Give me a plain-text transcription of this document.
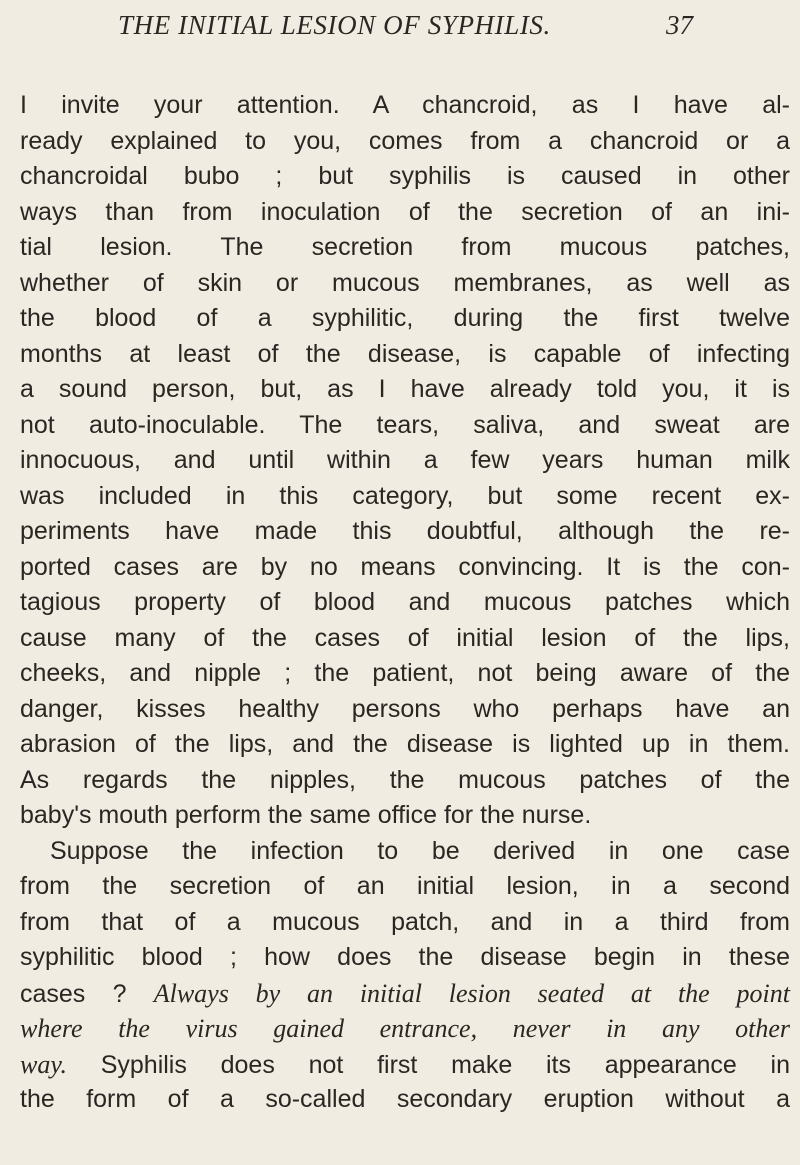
THE INITIAL LESION OF SYPHILIS.	37
I invite your attention. A chancroid, as I have al-
ready explained to you, comes from a chancroid or a
chancroidal bubo ; but syphilis is caused in other
ways than from inoculation of the secretion of an ini-
tial lesion. The secretion from mucous patches,
whether of skin or mucous membranes, as well as
the blood of a syphilitic, during the first twelve
months at least of the disease, is capable of infecting
a sound person, but, as I have already told you, it is
not auto-inoculable. The tears, saliva, and sweat are
innocuous, and until within a few years human milk
was included in this category, but some recent ex-
periments have made this doubtful, although the re-
ported cases are by no means convincing. It is the con-
tagious property of blood and mucous patches which
cause many of the cases of initial lesion of the lips,
cheeks, and nipple ; the patient, not being aware of the
danger, kisses healthy persons who perhaps have an
abrasion of the lips, and the disease is lighted up in them.
As regards the nipples, the mucous patches of the
baby's mouth perform the same office for the nurse.
Suppose the infection to be derived in one case
from the secretion of an initial lesion, in a second
from that of a mucous patch, and in a third from
syphilitic blood ; how does the disease begin in these
cases ? Always by an initial lesion seated at the point
where the virus gained entrance, never in any other
way. Syphilis does not first make its appearance in
the form of a so-called secondary eruption without a
